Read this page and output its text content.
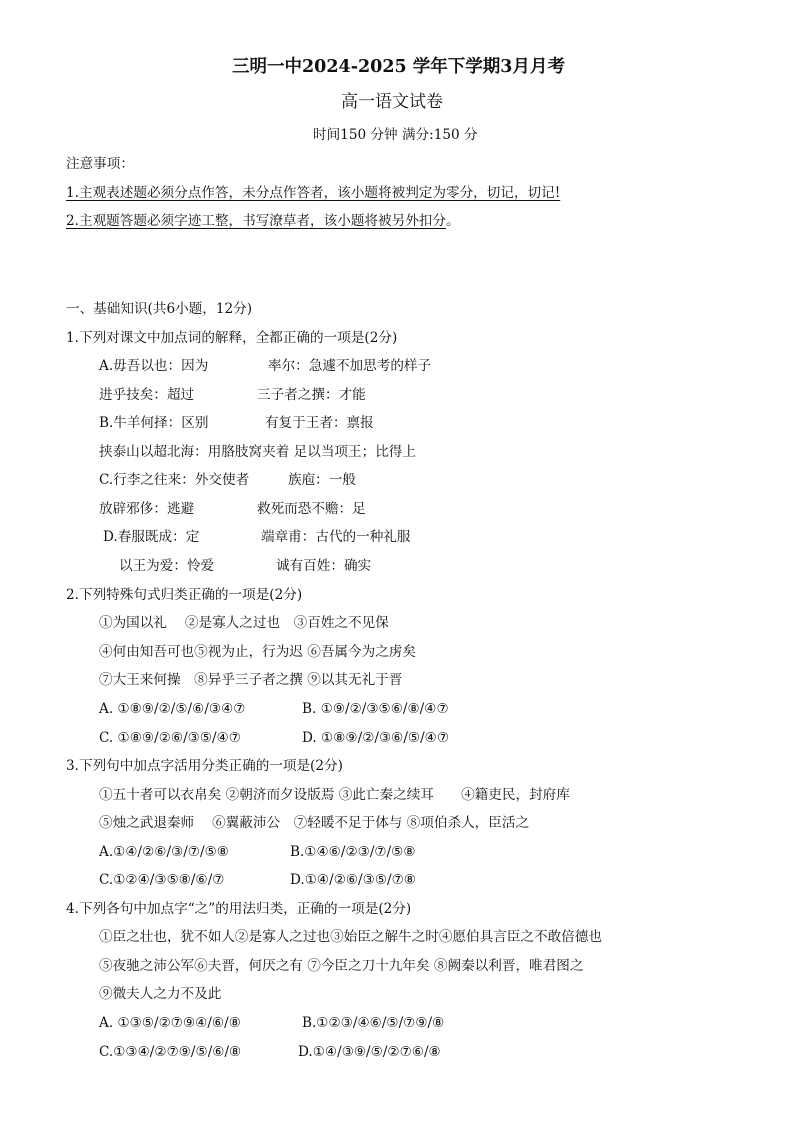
三明一中2024-2025 学年下学期3月月考
高一语文试卷
时间150 分钟 满分:150 分
注意事项：
1.主观表述题必须分点作答，未分点作答者，该小题将被判定为零分，切记，切记!
2.主观题答题必须字迹工整，书写潦草者，该小题将被另外扣分。
一、基础知识(共6小题，12分)
1.下列对课文中加点词的解释，全都正确的一项是(2分)
A.毋吾以也：因为	率尔：急遽不加思考的样子
进乎技矣：超过	三子者之撰：才能
B.牛羊何择：区别	有复于王者：禀报
挟泰山以超北海：用胳肢窝夹着 足以当项王；比得上
C.行李之往来：外交使者	族庖：一般
放辟邪侈：逃避	救死而恐不赡：足
D.春服既成：定	端章甫：古代的一种礼服
以王为爱：怜爱	诚有百姓：确实
2.下列特殊句式归类正确的一项是(2分)
①为国以礼　 ②是寡人之过也　③百姓之不见保
④何由知吾可也⑤视为止，行为迟 ⑥吾属今为之虏矣
⑦大王来何操　⑧异乎三子者之撰 ⑨以其无礼于晋
A. ①⑧⑨/②/⑤/⑥/③④⑦	B. ①⑨/②/③⑤⑥/⑧/④⑦
C. ①⑧⑨/②⑥/③⑤/④⑦	D. ①⑧⑨/②/③⑥/⑤/④⑦
3.下列句中加点字活用分类正确的一项是(2分)
①五十者可以衣帛矣 ②朝济而夕设版焉 ③此亡秦之续耳　　④籍吏民，封府库
⑤烛之武退秦师　 ⑥翼蔽沛公　⑦轻暖不足于体与 ⑧项伯杀人，臣活之
A.①④/②⑥/③/⑦/⑤⑧	B.①④⑥/②③/⑦/⑤⑧
C.①②④/③⑤⑧/⑥/⑦	D.①④/②⑥/③⑤/⑦⑧
4.下列各句中加点字“之”的用法归类，正确的一项是(2分)
①臣之壮也，犹不如人②是寡人之过也③始臣之解牛之时④愿伯具言臣之不敢倍德也
⑤夜驰之沛公军⑥夫晋，何厌之有 ⑦今臣之刀十九年矣 ⑧阙秦以利晋，唯君图之
⑨微夫人之力不及此
A. ①③⑤/②⑦⑨④/⑥/⑧	B.①②③/④⑥/⑤/⑦⑨/⑧
C.①③④/②⑦⑨/⑤/⑥/⑧	D.①④/③⑨/⑤/②⑦⑥/⑧
